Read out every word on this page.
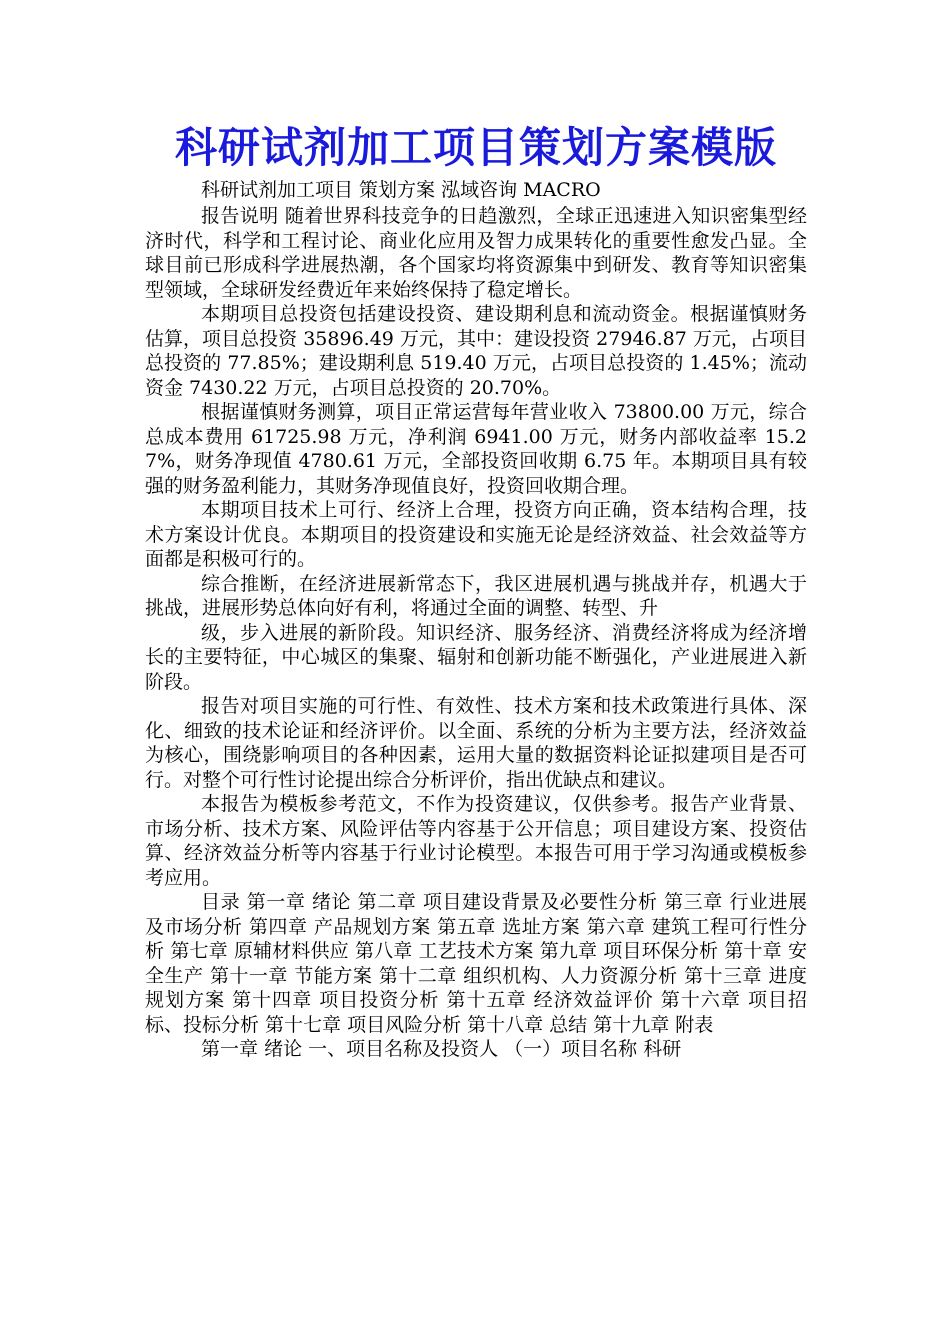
科研试剂加工项目策划方案模版
科研试剂加工项目 策划方案 泓域咨询 MACRO

报告说明 随着世界科技竞争的日趋激烈，全球正迅速进入知识密集型经济时代，科学和工程讨论、商业化应用及智力成果转化的重要性愈发凸显。全球目前已形成科学进展热潮，各个国家均将资源集中到研发、教育等知识密集型领域，全球研发经费近年来始终保持了稳定增长。

本期项目总投资包括建设投资、建设期利息和流动资金。根据谨慎财务估算，项目总投资 35896.49 万元，其中：建设投资 27946.87 万元，占项目总投资的 77.85%；建设期利息 519.40 万元，占项目总投资的 1.45%；流动资金 7430.22 万元，占项目总投资的 20.70%。

根据谨慎财务测算，项目正常运营每年营业收入 73800.00 万元，综合总成本费用 61725.98 万元，净利润 6941.00 万元，财务内部收益率 15.27%，财务净现值 4780.61 万元，全部投资回收期 6.75 年。本期项目具有较强的财务盈利能力，其财务净现值良好，投资回收期合理。

本期项目技术上可行、经济上合理，投资方向正确，资本结构合理，技术方案设计优良。本期项目的投资建设和实施无论是经济效益、社会效益等方面都是积极可行的。

综合推断，在经济进展新常态下，我区进展机遇与挑战并存，机遇大于挑战，进展形势总体向好有利，将通过全面的调整、转型、升

级，步入进展的新阶段。知识经济、服务经济、消费经济将成为经济增长的主要特征，中心城区的集聚、辐射和创新功能不断强化，产业进展进入新阶段。

报告对项目实施的可行性、有效性、技术方案和技术政策进行具体、深化、细致的技术论证和经济评价。以全面、系统的分析为主要方法，经济效益为核心，围绕影响项目的各种因素，运用大量的数据资料论证拟建项目是否可行。对整个可行性讨论提出综合分析评价，指出优缺点和建议。

本报告为模板参考范文，不作为投资建议，仅供参考。报告产业背景、市场分析、技术方案、风险评估等内容基于公开信息；项目建设方案、投资估算、经济效益分析等内容基于行业讨论模型。本报告可用于学习沟通或模板参考应用。

目录 第一章 绪论 第二章 项目建设背景及必要性分析 第三章 行业进展及市场分析 第四章 产品规划方案 第五章 选址方案 第六章 建筑工程可行性分析 第七章 原辅材料供应 第八章 工艺技术方案 第九章 项目环保分析 第十章 安全生产 第十一章 节能方案 第十二章 组织机构、人力资源分析 第十三章 进度规划方案 第十四章 项目投资分析 第十五章 经济效益评价 第十六章 项目招标、投标分析 第十七章 项目风险分析 第十八章 总结 第十九章 附表

第一章 绪论 一、项目名称及投资人 （一）项目名称 科研
